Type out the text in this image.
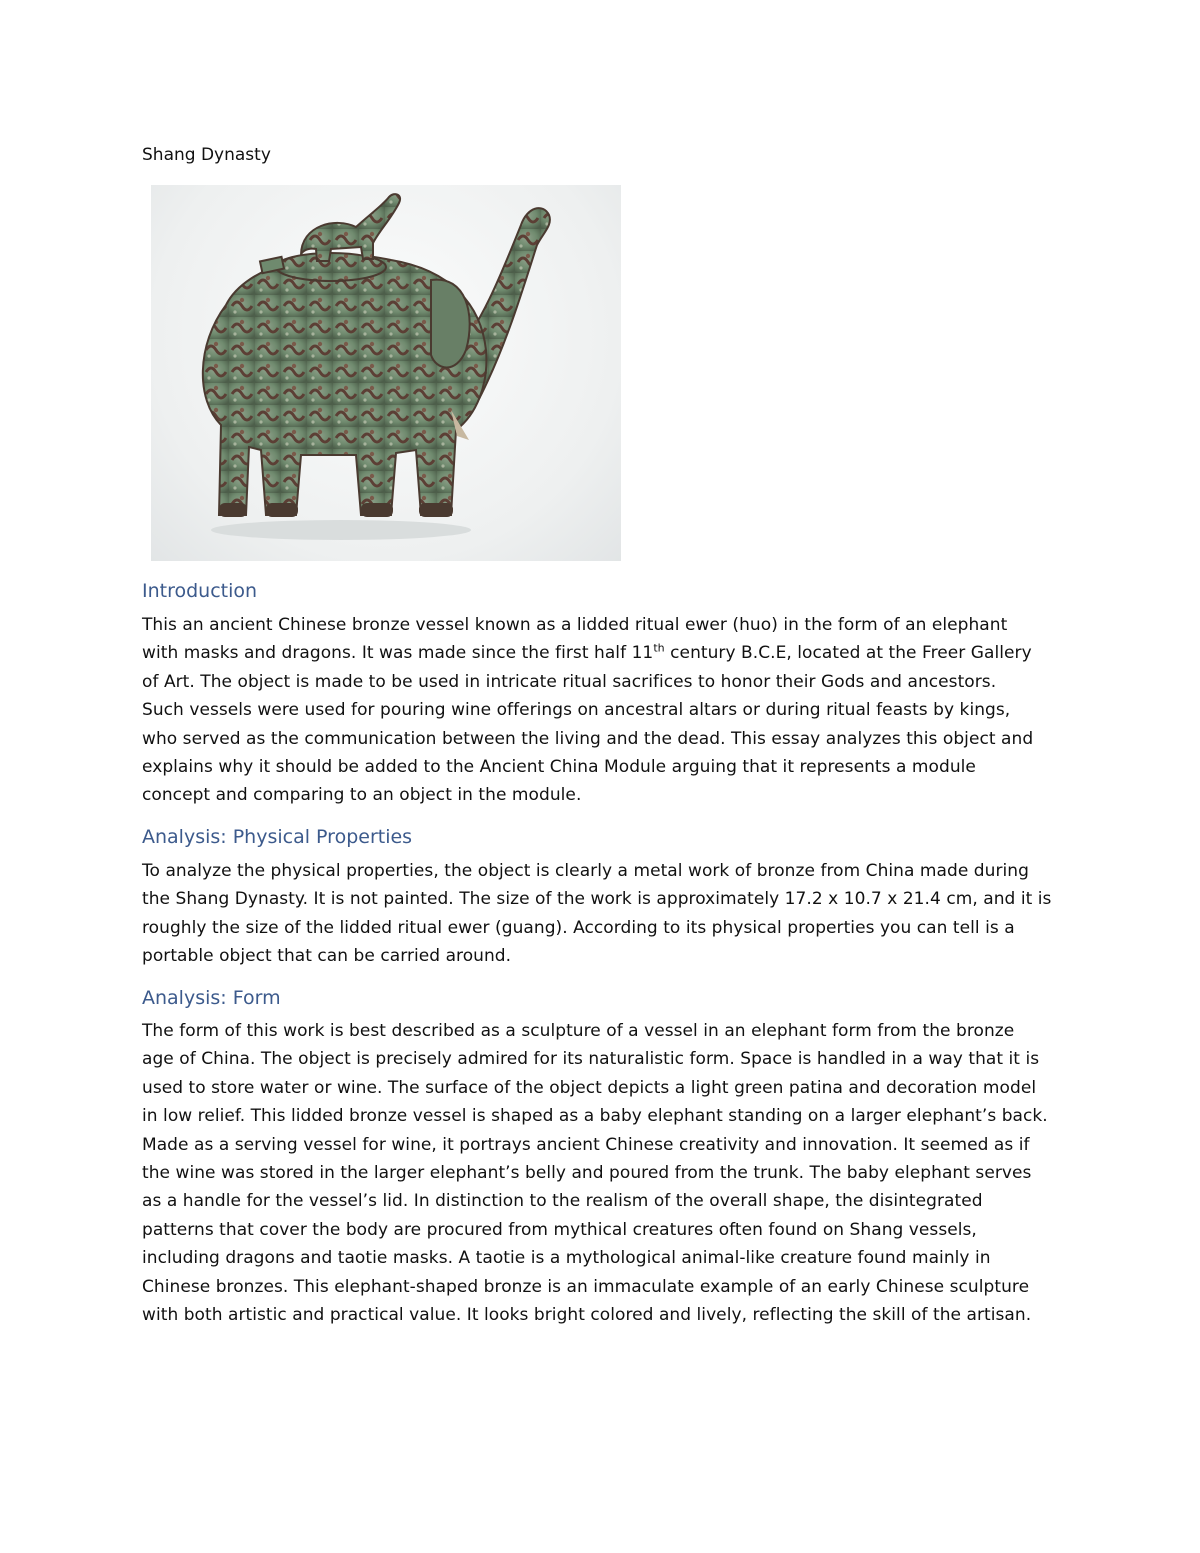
Shang Dynasty
Introduction

This an ancient Chinese bronze vessel known as a lidded ritual ewer (huo) in the form of an elephant
with masks and dragons. It was made since the first half 11th century B.C.E, located at the Freer Gallery
of Art. The object is made to be used in intricate ritual sacrifices to honor their Gods and ancestors.
Such vessels were used for pouring wine offerings on ancestral altars or during ritual feasts by kings,
who served as the communication between the living and the dead. This essay analyzes this object and
explains why it should be added to the Ancient China Module arguing that it represents a module
concept and comparing to an object in the module.

Analysis: Physical Properties

To analyze the physical properties, the object is clearly a metal work of bronze from China made during
the Shang Dynasty. It is not painted. The size of the work is approximately 17.2 x 10.7 x 21.4 cm, and it is
roughly the size of the lidded ritual ewer (guang). According to its physical properties you can tell is a
portable object that can be carried around.

Analysis: Form

The form of this work is best described as a sculpture of a vessel in an elephant form from the bronze
age of China. The object is precisely admired for its naturalistic form. Space is handled in a way that it is
used to store water or wine. The surface of the object depicts a light green patina and decoration model
in low relief. This lidded bronze vessel is shaped as a baby elephant standing on a larger elephant’s back.
Made as a serving vessel for wine, it portrays ancient Chinese creativity and innovation. It seemed as if
the wine was stored in the larger elephant’s belly and poured from the trunk. The baby elephant serves
as a handle for the vessel’s lid. In distinction to the realism of the overall shape, the disintegrated
patterns that cover the body are procured from mythical creatures often found on Shang vessels,
including dragons and taotie masks. A taotie is a mythological animal-like creature found mainly in
Chinese bronzes. This elephant-shaped bronze is an immaculate example of an early Chinese sculpture
with both artistic and practical value. It looks bright colored and lively, reflecting the skill of the artisan.
